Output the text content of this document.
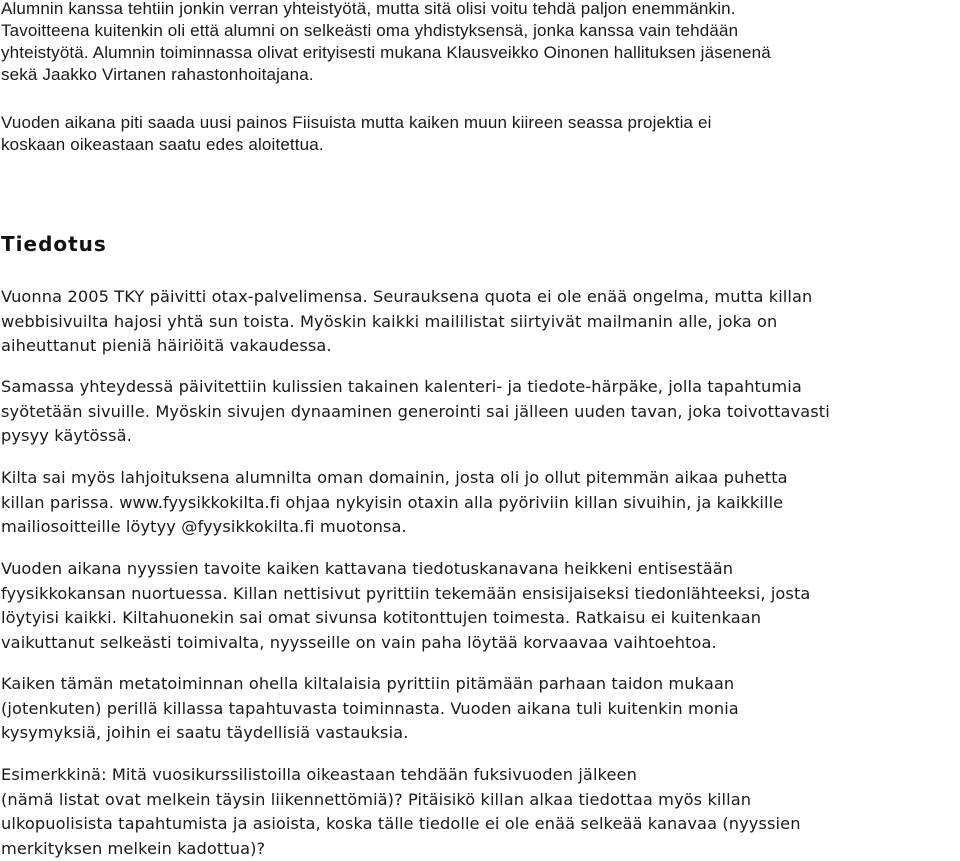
Alumnin kanssa tehtiin jonkin verran yhteistyötä, mutta sitä olisi voitu tehdä paljon enemmänkin.
Tavoitteena kuitenkin oli että alumni on selkeästi oma yhdistyksensä, jonka kanssa vain tehdään
yhteistyötä. Alumnin toiminnassa olivat erityisesti mukana Klausveikko Oinonen hallituksen jäsenenä
sekä Jaakko Virtanen rahastonhoitajana.
Vuoden aikana piti saada uusi painos Fiisuista mutta kaiken muun kiireen seassa projektia ei
koskaan oikeastaan saatu edes aloitettua.
Tiedotus
Vuonna 2005 TKY päivitti otax-palvelimensa. Seurauksena quota ei ole enää ongelma, mutta killan
webbisivuilta hajosi yhtä sun toista. Myöskin kaikki maililistat siirtyivät mailmanin alle, joka on
aiheuttanut pieniä häiriöitä vakaudessa.
Samassa yhteydessä päivitettiin kulissien takainen kalenteri- ja tiedote-härpäke, jolla tapahtumia
syötetään sivuille. Myöskin sivujen dynaaminen generointi sai jälleen uuden tavan, joka toivottavasti
pysyy käytössä.
Kilta sai myös lahjoituksena alumnilta oman domainin, josta oli jo ollut pitemmän aikaa puhetta
killan parissa. www.fyysikkokilta.fi ohjaa nykyisin otaxin alla pyöriviin killan sivuihin, ja kaikkille
mailiosoitteille löytyy @fyysikkokilta.fi muotonsa.
Vuoden aikana nyyssien tavoite kaiken kattavana tiedotuskanavana heikkeni entisestään
fyysikkokansan nuortuessa. Killan nettisivut pyrittiin tekemään ensisijaiseksi tiedonlähteeksi, josta
löytyisi kaikki. Kiltahuonekin sai omat sivunsa kotitonttujen toimesta. Ratkaisu ei kuitenkaan
vaikuttanut selkeästi toimivalta, nyysseille on vain paha löytää korvaavaa vaihtoehtoa.
Kaiken tämän metatoiminnan ohella kiltalaisia pyrittiin pitämään parhaan taidon mukaan
(jotenkuten) perillä killassa tapahtuvasta toiminnasta. Vuoden aikana tuli kuitenkin monia
kysymyksiä, joihin ei saatu täydellisiä vastauksia.
Esimerkkinä: Mitä vuosikurssilistoilla oikeastaan tehdään fuksivuoden jälkeen
(nämä listat ovat melkein täysin liikennettömiä)? Pitäisikö killan alkaa tiedottaa myös killan
ulkopuolisista tapahtumista ja asioista, koska tälle tiedolle ei ole enää selkeää kanavaa (nyyssien
merkityksen melkein kadottua)?
